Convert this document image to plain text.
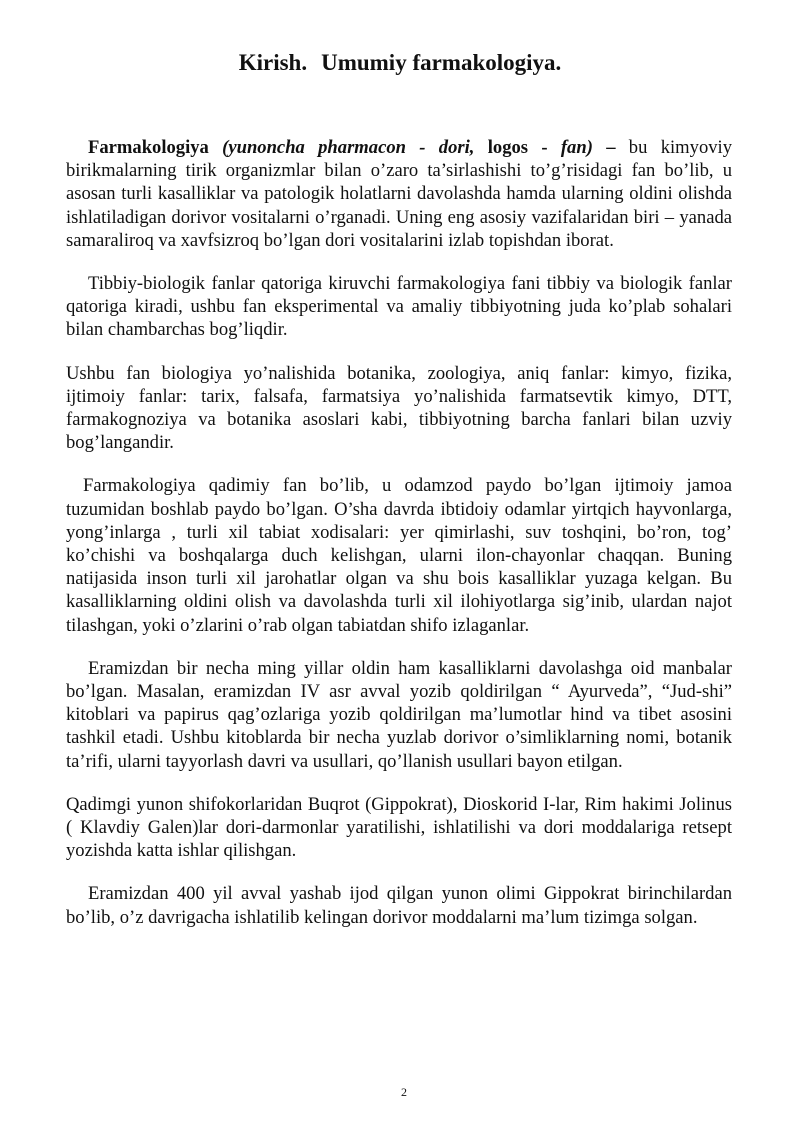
Kirish. Umumiy farmakologiya.

Farmakologiya (yunoncha pharmacon - dori, logos - fan) – bu kimyoviy birikmalarning tirik organizmlar bilan o’zaro ta’sirlashishi to’g’risidagi fan bo’lib, u asosan turli kasalliklar va patologik holatlarni davolashda hamda ularning oldini olishda ishlatiladigan dorivor vositalarni o’rganadi. Uning eng asosiy vazifalaridan biri – yanada samaraliroq va xavfsizroq bo’lgan dori vositalarini izlab topishdan iborat.

Tibbiy-biologik fanlar qatoriga kiruvchi farmakologiya fani tibbiy va biologik fanlar qatoriga kiradi, ushbu fan eksperimental va amaliy tibbiyotning juda ko’plab sohalari bilan chambarchas bog’liqdir.

Ushbu fan biologiya yo’nalishida botanika, zoologiya, aniq fanlar: kimyo, fizika, ijtimoiy fanlar: tarix, falsafa, farmatsiya yo’nalishida farmatsevtik kimyo, DTT, farmakognoziya va botanika asoslari kabi, tibbiyotning barcha fanlari bilan uzviy bog’langandir.

Farmakologiya qadimiy fan bo’lib, u odamzod paydo bo’lgan ijtimoiy jamoa tuzumidan boshlab paydo bo’lgan. O’sha davrda ibtidoiy odamlar yirtqich hayvonlarga, yong’inlarga , turli xil tabiat xodisalari: yer qimirlashi, suv toshqini, bo’ron, tog’ ko’chishi va boshqalarga duch kelishgan, ularni ilon-chayonlar chaqqan. Buning natijasida inson turli xil jarohatlar olgan va shu bois kasalliklar yuzaga kelgan. Bu kasalliklarning oldini olish va davolashda turli xil ilohiyotlarga sig’inib, ulardan najot tilashgan, yoki o’zlarini o’rab olgan tabiatdan shifo izlaganlar.

Eramizdan bir necha ming yillar oldin ham kasalliklarni davolashga oid manbalar bo’lgan. Masalan, eramizdan IV asr avval yozib qoldirilgan “ Ayurveda”, “Jud-shi” kitoblari va papirus qag’ozlariga yozib qoldirilgan ma’lumotlar hind va tibet asosini tashkil etadi. Ushbu kitoblarda bir necha yuzlab dorivor o’simliklarning nomi, botanik ta’rifi, ularni tayyorlash davri va usullari, qo’llanish usullari bayon etilgan.

Qadimgi yunon shifokorlaridan Buqrot (Gippokrat), Dioskorid I-lar, Rim hakimi Jolinus ( Klavdiy Galen)lar dori-darmonlar yaratilishi, ishlatilishi va dori moddalariga retsept yozishda katta ishlar qilishgan.

Eramizdan 400 yil avval yashab ijod qilgan yunon olimi Gippokrat birinchilardan bo’lib, o’z davrigacha ishlatilib kelingan dorivor moddalarni ma’lum tizimga solgan.

2
